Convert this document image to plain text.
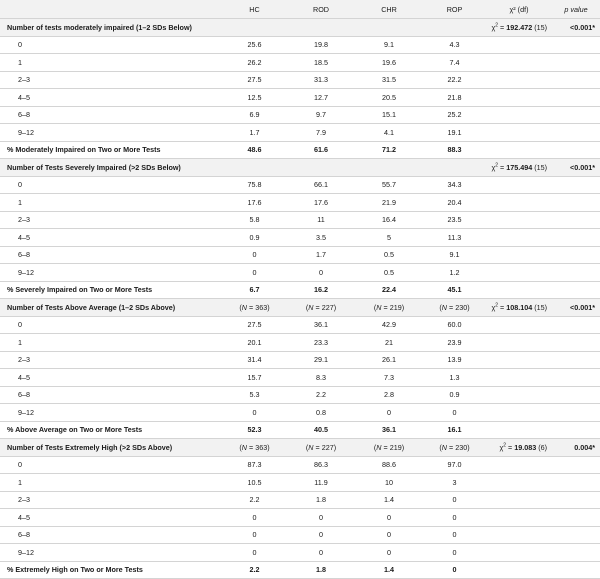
	HC	ROD	CHR	ROP	χ² (df)	p value
Number of tests moderately impaired (1–2 SDs Below)					$\chi^2 = 192.472$ (15)	<0.001*
0	25.6	19.8	9.1	4.3		
1	26.2	18.5	19.6	7.4		
2–3	27.5	31.3	31.5	22.2		
4–5	12.5	12.7	20.5	21.8		
6–8	6.9	9.7	15.1	25.2		
9–12	1.7	7.9	4.1	19.1		
% Moderately Impaired on Two or More Tests	48.6	61.6	71.2	88.3		
Number of Tests Severely Impaired (>2 SDs Below)					$\chi^2 = 175.494$ (15)	<0.001*
0	75.8	66.1	55.7	34.3		
1	17.6	17.6	21.9	20.4		
2–3	5.8	11	16.4	23.5		
4–5	0.9	3.5	5	11.3		
6–8	0	1.7	0.5	9.1		
9–12	0	0	0.5	1.2		
% Severely Impaired on Two or More Tests	6.7	16.2	22.4	45.1		
Number of Tests Above Average (1–2 SDs Above)	(N = 363)	(N = 227)	(N = 219)	(N = 230)	$\chi^2 = 108.104$ (15)	<0.001*
0	27.5	36.1	42.9	60.0		
1	20.1	23.3	21	23.9		
2–3	31.4	29.1	26.1	13.9		
4–5	15.7	8.3	7.3	1.3		
6–8	5.3	2.2	2.8	0.9		
9–12	0	0.8	0	0		
% Above Average on Two or More Tests	52.3	40.5	36.1	16.1		
Number of Tests Extremely High (>2 SDs Above)	(N = 363)	(N = 227)	(N = 219)	(N = 230)	$\chi^2 = 19.083$ (6)	0.004*
0	87.3	86.3	88.6	97.0		
1	10.5	11.9	10	3		
2–3	2.2	1.8	1.4	0		
4–5	0	0	0	0		
6–8	0	0	0	0		
9–12	0	0	0	0		
% Extremely High on Two or More Tests	2.2	1.8	1.4	0		
